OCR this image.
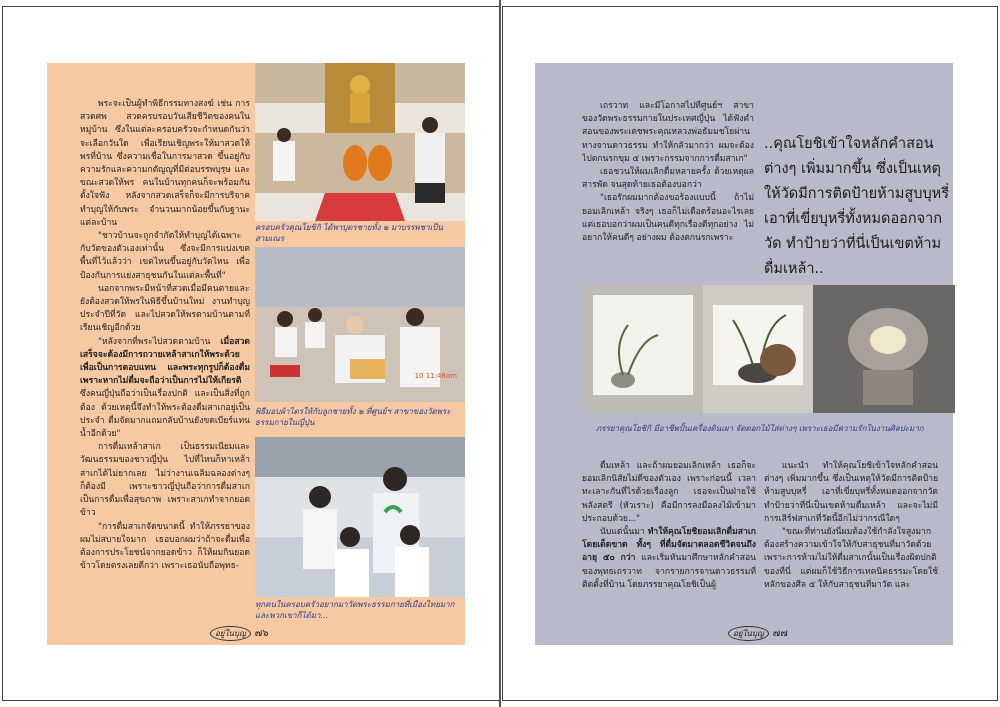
พระจะเป็นผู้ทำพิธีกรรมทางสงฆ์ เช่น การสวดศพ สวดครบรอบวันเสียชีวิตของคนในหมู่บ้าน ซึ่งในแต่ละครอบครัวจะกำหนดกันว่าจะเลือกวันใด เพื่อเรียนเชิญพระให้มาสวดให้พรที่บ้าน ซึ่งความเชื่อในการมาสวด ขึ้นอยู่กับความรักและความกตัญญูที่มีต่อบรรพบุรุษ และขณะสวดให้พร คนในบ้านทุกคนก็จะพร้อมกันตั้งใจฟัง หลังจากสวดเสร็จก็จะมีการบริจาคทำบุญให้กับพระ จำนวนมากน้อยขึ้นกับฐานะแต่ละบ้าน

"ชาวบ้านจะถูกจำกัดให้ทำบุญได้เฉพาะกับวัดของตัวเองเท่านั้น ซึ่งจะมีการแบ่งเขตพื้นที่ไว้แล้วว่า เขตไหนขึ้นอยู่กับวัดไหน เพื่อป้องกันการแย่งสาธุชนกันในแต่ละพื้นที่"

นอกจากพระมีหน้าที่สวดเมื่อมีคนตายและยังต้องสวดให้พรในพิธีขึ้นบ้านใหม่ งานทำบุญประจำปีที่วัด และไปสวดให้พรตามบ้านตามที่เรียนเชิญอีกด้วย

"หลังจากที่พระไปสวดตามบ้าน เมื่อสวดเสร็จจะต้องมีการถวายเหล้าสาเกให้พระด้วย เพื่อเป็นการตอบแทน และพระทุกรูปก็ต้องดื่มเพราะหากไม่ดื่มจะถือว่าเป็นการไม่ให้เกียรติ ซึ่งคนญี่ปุ่นถือว่าเป็นเรื่องปกติ และเป็นสิ่งที่ถูกต้อง ด้วยเหตุนี้จึงทำให้พระต้องดื่มสาเกอยู่เป็นประจำ ดื่มจัดมากแถมกลับบ้านยังขดเบียร์แทนน้ำอีกด้วย"

การดื่มเหล้าสาเก เป็นธรรมเนียมและวัฒนธรรมของชาวญี่ปุ่น ไปที่ไหนก็หาเหล้าสาเกได้ไม่ยากเลย ไม่ว่างานเฉลิมฉลองต่างๆ ก็ต้องมี เพราะชาวญี่ปุ่นถือว่าการดื่มสาเกเป็นการดื่มเพื่อสุขภาพ เพราะสาเกทำจากยอดข้าว

"การดื่มสาเกจัดขนาดนี้ ทำให้ภรรยาของผมไม่สบายใจมาก เธอบอกผมว่าถ้าจะดื่มเพื่อต้องการประโยชน์จากยอดข้าว ก็ให้ผมกินยอดข้าวโดยตรงเลยดีกว่า เพราะเธอนับถือพุทธ-

ครอบครัวคุณโยชิกิ ได้พาบุตรชายทั้ง ๒ มาบรรพชาเป็นสามเณร
10 11:48am
พิธีมอบผ้าไตรให้กับลูกชายทั้ง ๒ ที่ศูนย์ฯ สาขาของวัดพระธรรมกายในญี่ปุ่น
ทุกคนในครอบครัวอยากมาวัดพระธรรมกายที่เมืองไทยมาก และพวกเขาก็ได้มา...
อยู่ในบุญ ๗๖

เถรวาท และมีโอกาสไปที่ศูนย์ฯ สาขาของวัดพระธรรมกายในประเทศญี่ปุ่น ได้ฟังคำสอนของพระเดชพระคุณหลวงพ่อธัมมชโยผ่านทางจานดาวธรรม ทำให้กลัวมากว่า ผมจะต้องไปตกนรกขุม ๕ เพราะกรรมจากการดื่มสาเก"

เธอชวนให้ผมเลิกดื่มหลายครั้ง ด้วยเหตุผลสารพัด จนสุดท้ายเธอต้องบอกว่า

"เธอรักผมมากต้องขอร้องแบบนี้ ถ้าไม่ยอมเลิกเหล้า จริงๆ เธอก็ไม่เดือดร้อนอะไรเลย แต่เธอบอกว่าผมเป็นคนดีทุกเรื่องดีทุกอย่าง ไม่อยากให้คนดีๆ อย่างผม ต้องตกนรกเพราะ

..คุณโยชิเข้าใจหลักคำสอนต่างๆ เพิ่มมากขึ้น ซึ่งเป็นเหตุให้วัดมีการติดป้ายห้ามสูบบุหรี่ เอาที่เขี่ยบุหรี่ทั้งหมดออกจากวัด ทำป้ายว่าที่นี่เป็นเขตห้ามดื่มเหล้า..
ภรรยาคุณโยชิกิ มีอาชีพปั้นเครื่องดินเผา จัดดอกไม้ใส่ต่างๆ เพราะเธอมีความรักในงานศิลปะมาก

ดื่มเหล้า และถ้าผมยอมเลิกเหล้า เธอก็จะยอมเลิกนิสัยไม่ดีของตัวเอง เพราะก่อนนี้ เวลาทะเลาะกันที่ไรด้วยเรื่องลูก เธอจะเป็นฝ่ายใช้พลังสตรี (หัวเราะ) คือมีการลงมือลงไม้เข้ามาประกอบด้วย..."

นับแต่นั้นมา ทำให้คุณโยชิยอมเลิกดื่มสาเกโดยเด็ดขาด ทั้งๆ ที่ดื่มจัดมาตลอดชีวิตจนถึงอายุ ๕๐ กว่า และเริ่มหันมาศึกษาหลักคำสอนของพุทธเถรวาท จากรายการจานดาวธรรมที่ติดตั้งที่บ้าน โดยภรรยาคุณโยชิเป็นผู้

แนะนำ ทำให้คุณโยชิเข้าใจหลักคำสอนต่างๆ เพิ่มมากขึ้น ซึ่งเป็นเหตุให้วัดมีการติดป้ายห้ามสูบบุหรี่ เอาที่เขี่ยบุหรี่ทั้งหมดออกจากวัด ทำป้ายว่าที่นี่เป็นเขตห้ามดื่มเหล้า และจะไม่มีการเสิร์ฟสาเกที่วัดนี้อีกไม่ว่ากรณีใดๆ

"ขณะที่ท่านยังนี่ผมต้องใช้กำลังใจสูงมาก ต้องสร้างความเข้าใจให้กับสาธุชนที่มาวัดด้วย เพราะการห้ามไม่ให้ดื่มสาเกนั้นเป็นเรื่องผิดปกติของที่นี่ แต่ผมก็ใช้วิธีการเทคนิคธรรมะโดยใช้หลักของศีล ๕ ให้กับสาธุชนที่มาวัด และ

อยู่ในบุญ ๗๗
